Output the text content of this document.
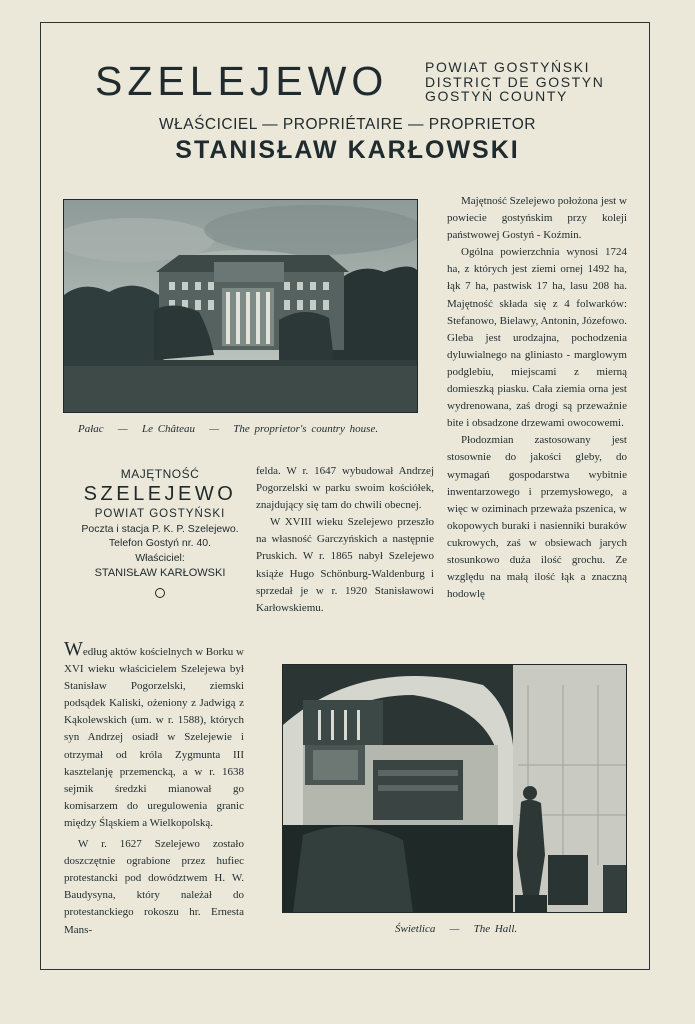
SZELEJEWO	POWIAT GOSTYŃSKI
DISTRICT DE GOSTYN
GOSTYŃ COUNTY
WŁAŚCICIEL — PROPRIÉTAIRE — PROPRIETOR
STANISŁAW KARŁOWSKI
Pałac — Le Château — The proprietor's country house.

Majętność Szelejewo położona jest w powiecie gostyńskim przy koleji państwowej Gostyń - Koźmin.

Ogólna powierzchnia wynosi 1724 ha, z których jest ziemi ornej 1492 ha, łąk 7 ha, pastwisk 17 ha, lasu 208 ha. Majętność składa się z 4 folwarków: Stefanowo, Bielawy, Antonin, Józefowo. Gleba jest urodzajna, pochodzenia dyluwialnego na gliniasto - marglowym podglebiu, miejscami z mierną domieszką piasku. Cała ziemia orna jest wydrenowana, zaś drogi są przeważnie bite i obsadzone drzewami owocowemi.

Płodozmian zastosowany jest stosownie do jakości gleby, do wymagań gospodarstwa wybitnie inwentarzowego i przemysłowego, a więc w oziminach przeważa pszenica, w okopowych buraki i nasienniki buraków cukrowych, zaś w obsiewach jarych stosunkowo duża ilość grochu. Ze względu na małą ilość łąk a znaczną hodowlę

MAJĘTNOŚĆ
SZELEJEWO
POWIAT GOSTYŃSKI
Poczta i stacja P. K. P. Szelejewo.
Telefon Gostyń nr. 40.
Właściciel:
STANISŁAW KARŁOWSKI

felda. W r. 1647 wybudował Andrzej Pogorzelski w parku swoim kościółek, znajdujący się tam do chwili obecnej.

W XVIII wieku Szelejewo przeszło na własność Garczyńskich a następnie Pruskich. W r. 1865 nabył Szelejewo książe Hugo Schönburg-Waldenburg i sprzedał je w r. 1920 Stanisławowi Karłowskiemu.

Według aktów kościelnych w Borku w XVI wieku właścicielem Szelejewa był Stanisław Pogorzelski, ziemski podsądek Kaliski, ożeniony z Jadwigą z Kąkolewskich (um. w r. 1588), których syn Andrzej osiadł w Szelejewie i otrzymał od króla Zygmunta III kasztelanję przemencką, a w r. 1638 sejmik średzki mianował go komisarzem do uregulowenia granic między Śląskiem a Wielkopolską.

W r. 1627 Szelejewo zostało doszczętnie ograbione przez hufiec protestancki pod dowództwem H. W. Baudysyna, który należał do protestanckiego rokoszu hr. Ernesta Mans-	Świetlica — The Hall.
